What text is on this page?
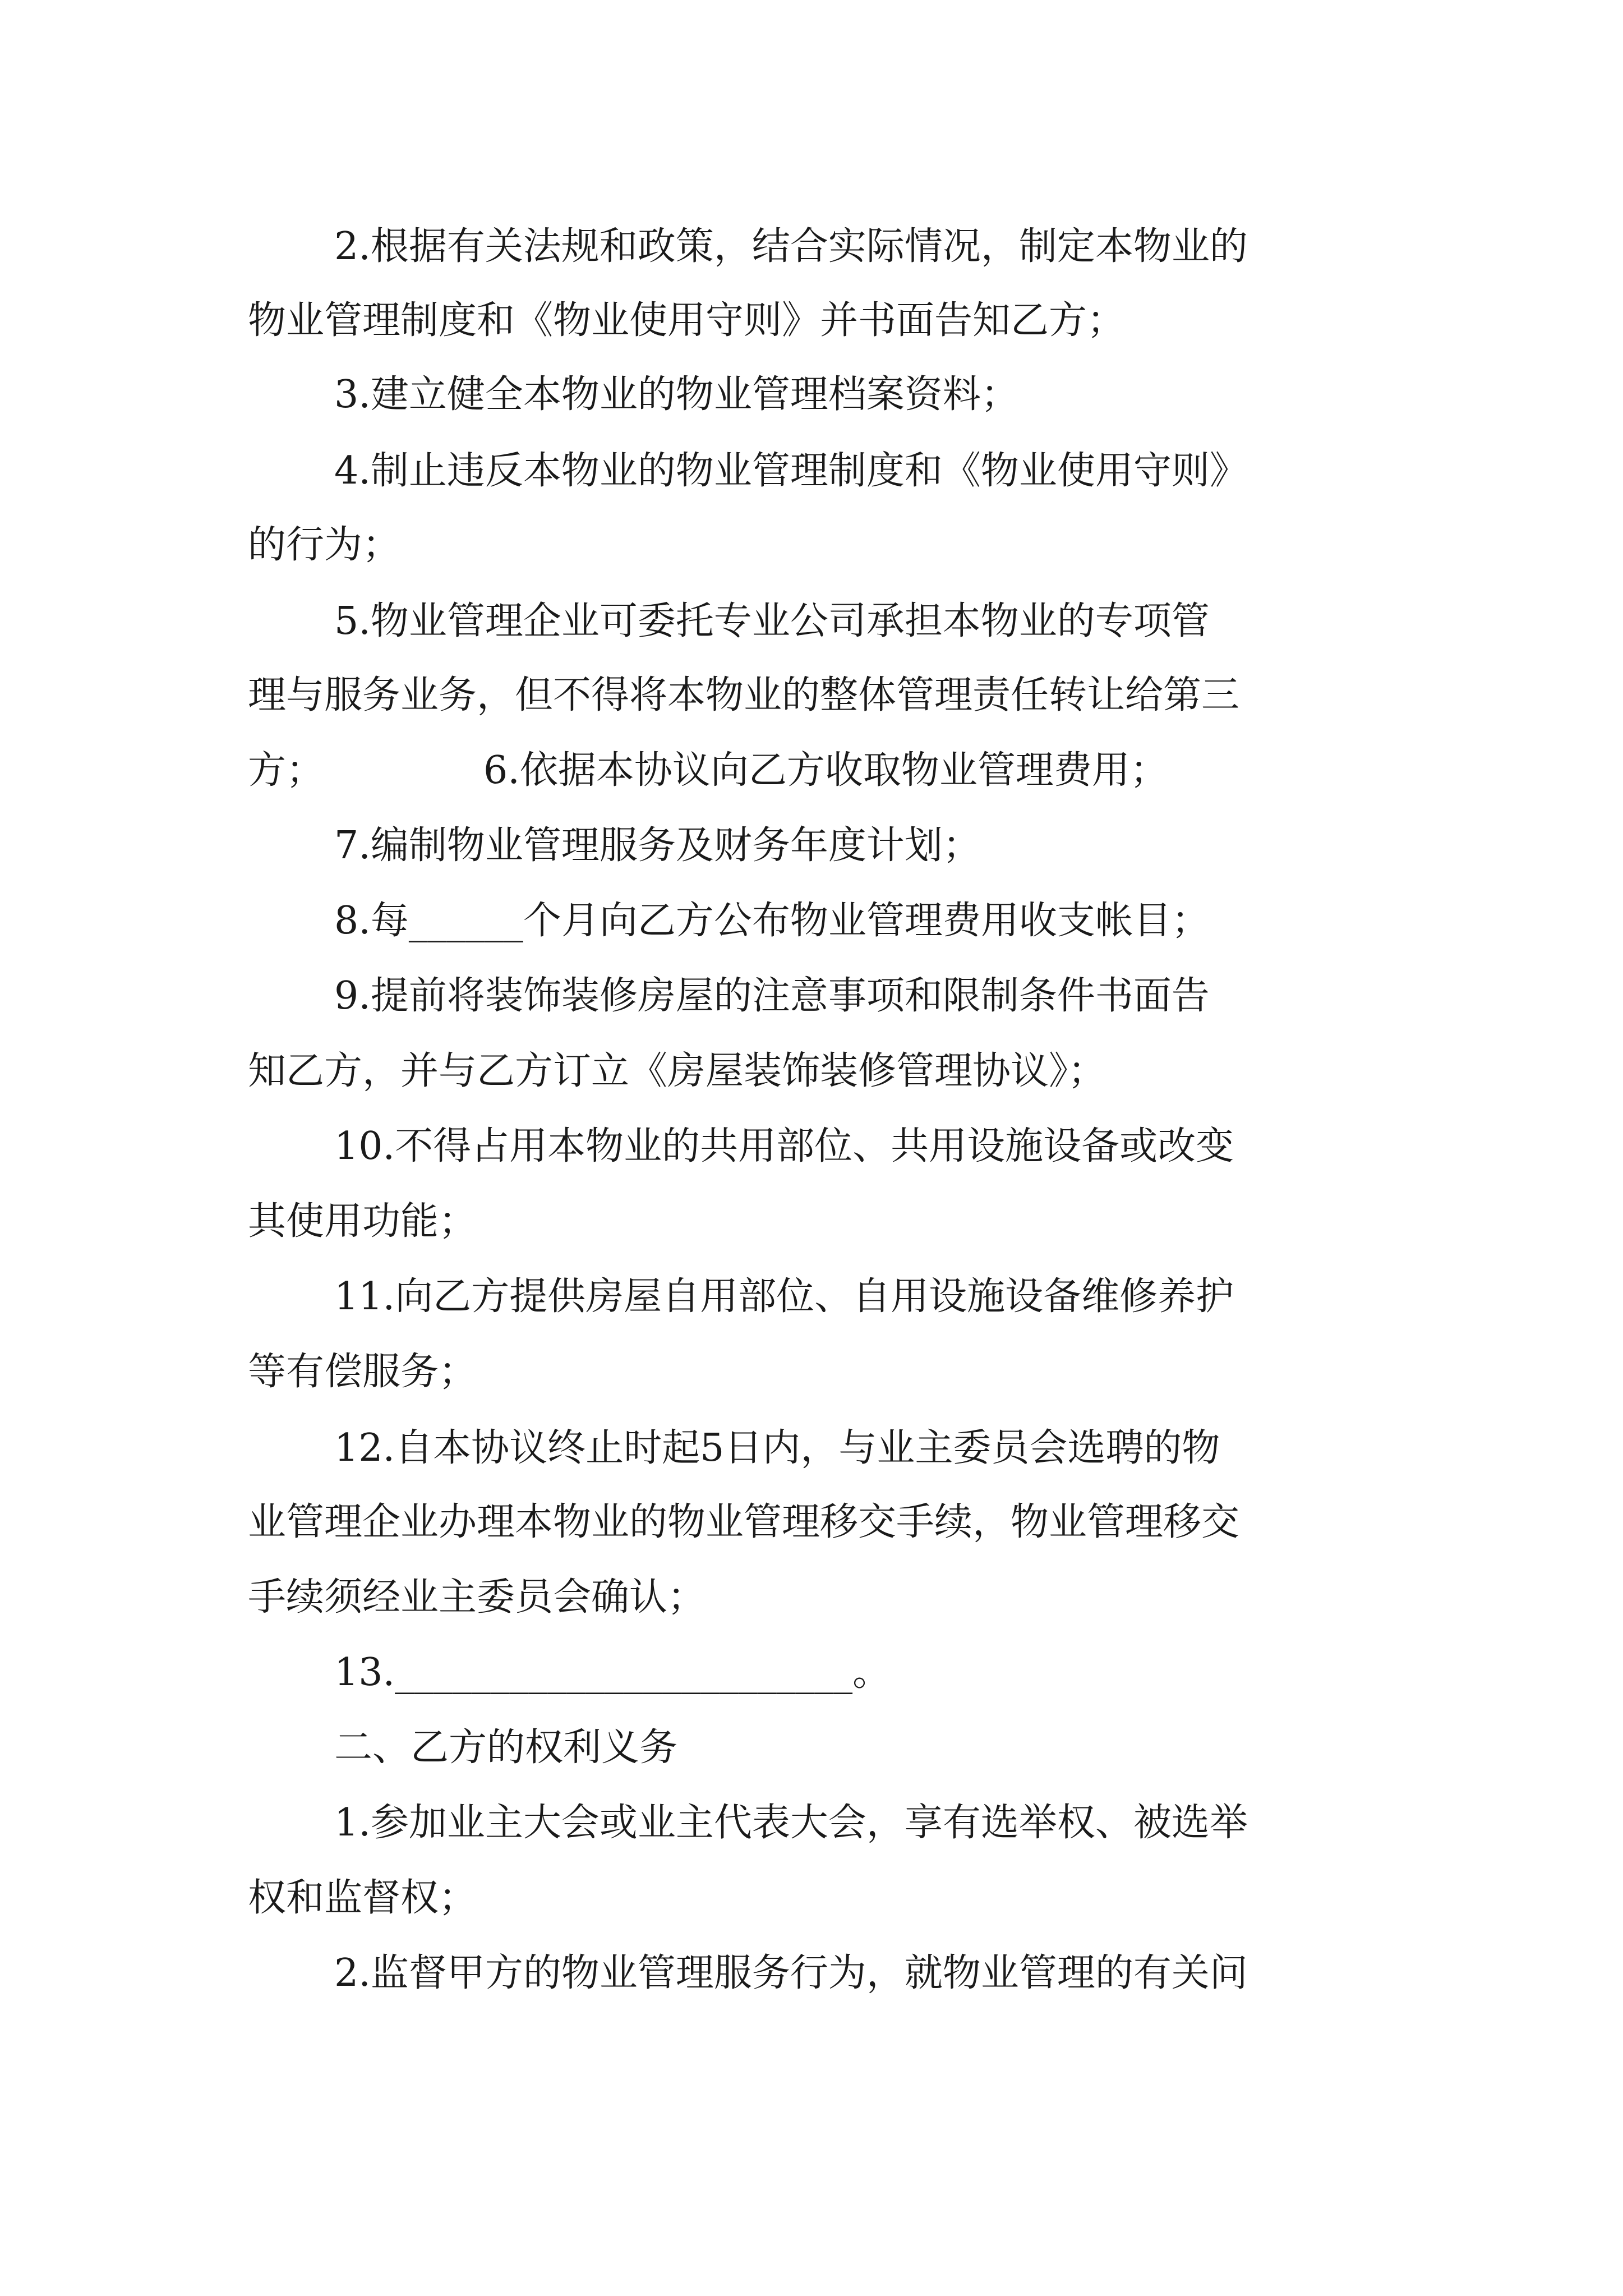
2.根据有关法规和政策，结合实际情况，制定本物业的
物业管理制度和《物业使用守则》并书面告知乙方；
3.建立健全本物业的物业管理档案资料；
4.制止违反本物业的物业管理制度和《物业使用守则》
的行为；
5.物业管理企业可委托专业公司承担本物业的专项管
理与服务业务，但不得将本物业的整体管理责任转让给第三
方；	6.依据本协议向乙方收取物业管理费用；
7.编制物业管理服务及财务年度计划；
8.每______个月向乙方公布物业管理费用收支帐目；
9.提前将装饰装修房屋的注意事项和限制条件书面告
知乙方，并与乙方订立《房屋装饰装修管理协议》；
10.不得占用本物业的共用部位、共用设施设备或改变
其使用功能；
11.向乙方提供房屋自用部位、自用设施设备维修养护
等有偿服务；
12.自本协议终止时起5日内，与业主委员会选聘的物
业管理企业办理本物业的物业管理移交手续，物业管理移交
手续须经业主委员会确认；
13.________________________。
二、乙方的权利义务
1.参加业主大会或业主代表大会，享有选举权、被选举
权和监督权；
2.监督甲方的物业管理服务行为，就物业管理的有关问
